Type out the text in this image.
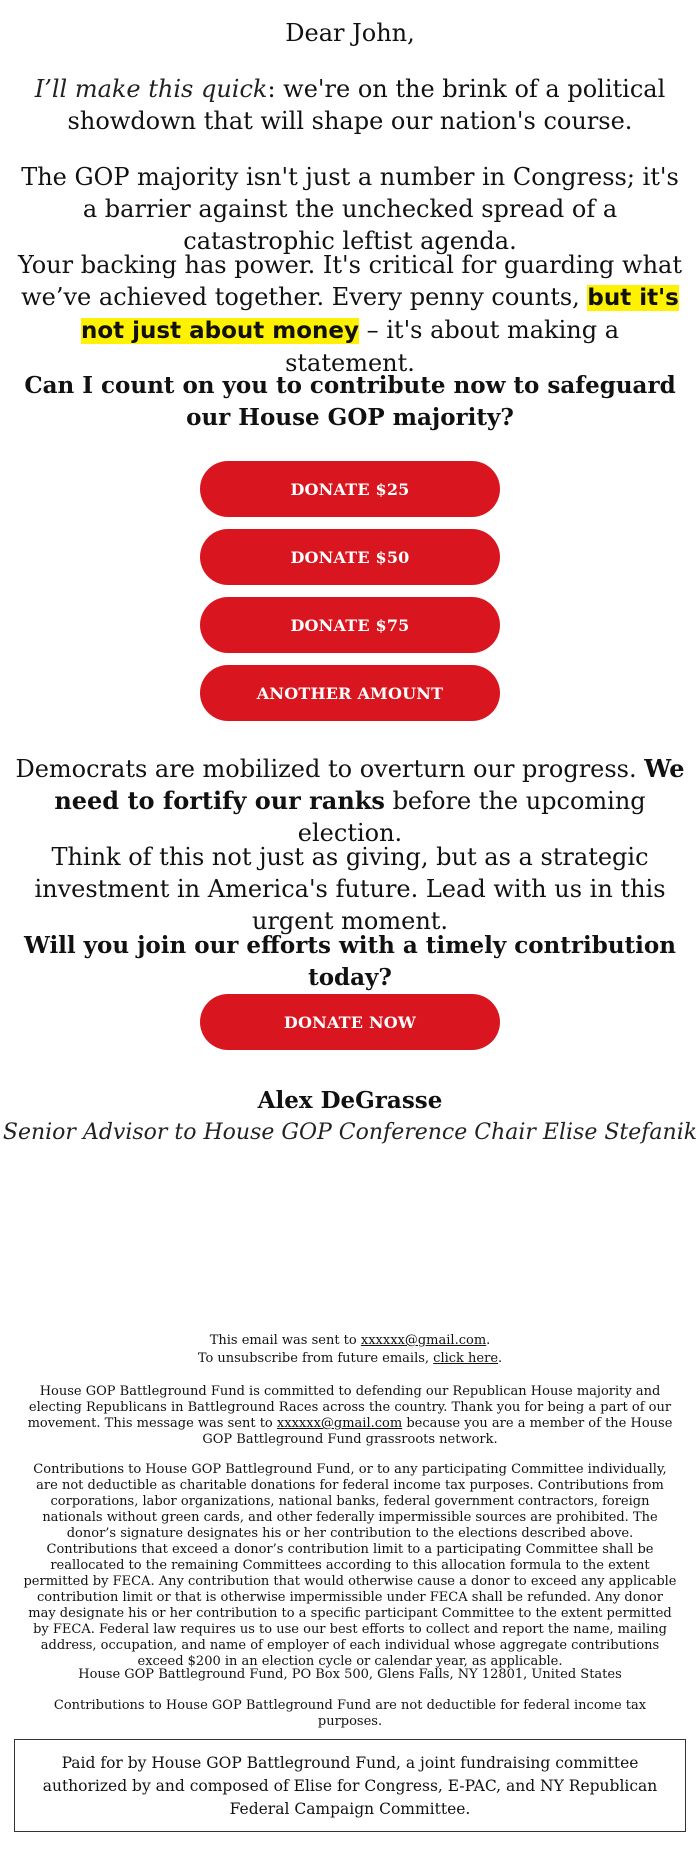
Dear John,
I’ll make this quick: we're on the brink of a political showdown that will shape our nation's course.
The GOP majority isn't just a number in Congress; it's a barrier against the unchecked spread of a catastrophic leftist agenda.
Your backing has power. It's critical for guarding what we’ve achieved together. Every penny counts, but it's not just about money – it's about making a statement.
Can I count on you to contribute now to safeguard our House GOP majority?
DONATE $25
DONATE $50
DONATE $75
ANOTHER AMOUNT
Democrats are mobilized to overturn our progress. We need to fortify our ranks before the upcoming election.
Think of this not just as giving, but as a strategic investment in America's future. Lead with us in this urgent moment.
Will you join our efforts with a timely contribution today?
DONATE NOW
Alex DeGrasse
Senior Advisor to House GOP Conference Chair Elise Stefanik
This email was sent to xxxxxx@gmail.com.
To unsubscribe from future emails, click here.
House GOP Battleground Fund is committed to defending our Republican House majority and electing Republicans in Battleground Races across the country. Thank you for being a part of our movement. This message was sent to xxxxxx@gmail.com because you are a member of the House GOP Battleground Fund grassroots network.
Contributions to House GOP Battleground Fund, or to any participating Committee individually, are not deductible as charitable donations for federal income tax purposes. Contributions from corporations, labor organizations, national banks, federal government contractors, foreign nationals without green cards, and other federally impermissible sources are prohibited. The donor’s signature designates his or her contribution to the elections described above. Contributions that exceed a donor’s contribution limit to a participating Committee shall be reallocated to the remaining Committees according to this allocation formula to the extent permitted by FECA. Any contribution that would otherwise cause a donor to exceed any applicable contribution limit or that is otherwise impermissible under FECA shall be refunded. Any donor may designate his or her contribution to a specific participant Committee to the extent permitted by FECA. Federal law requires us to use our best efforts to collect and report the name, mailing address, occupation, and name of employer of each individual whose aggregate contributions exceed $200 in an election cycle or calendar year, as applicable.
House GOP Battleground Fund, PO Box 500, Glens Falls, NY 12801, United States
Contributions to House GOP Battleground Fund are not deductible for federal income tax purposes.
Paid for by House GOP Battleground Fund, a joint fundraising committee authorized by and composed of Elise for Congress, E-PAC, and NY Republican Federal Campaign Committee.
